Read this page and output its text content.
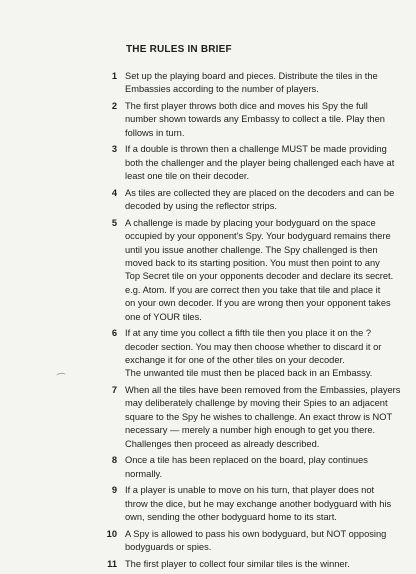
THE RULES IN BRIEF
1 Set up the playing board and pieces. Distribute the tiles in the
Embassies according to the number of players.
2 The first player throws both dice and moves his Spy the full
number shown towards any Embassy to collect a tile. Play then
follows in turn.
3 If a double is thrown then a challenge MUST be made providing
both the challenger and the player being challenged each have at
least one tile on their decoder.
4 As tiles are collected they are placed on the decoders and can be
decoded by using the reflector strips.
5 A challenge is made by placing your bodyguard on the space
occupied by your opponent's Spy. Your bodyguard remains there
until you issue another challenge. The Spy challenged is then
moved back to its starting position. You must then point to any
Top Secret tile on your opponents decoder and declare its secret.
e.g. Atom. If you are correct then you take that tile and place it
on your own decoder. If you are wrong then your opponent takes
one of YOUR tiles.
6 If at any time you collect a fifth tile then you place it on the ?
decoder section. You may then choose whether to discard it or
exchange it for one of the other tiles on your decoder.
The unwanted tile must then be placed back in an Embassy.
7 When all the tiles have been removed from the Embassies, players
may deliberately challenge by moving their Spies to an adjacent
square to the Spy he wishes to challenge. An exact throw is NOT
necessary — merely a number high enough to get you there.
Challenges then proceed as already described.
8 Once a tile has been replaced on the board, play continues
normally.
9 If a player is unable to move on his turn, that player does not
throw the dice, but he may exchange another bodyguard with his
own, sending the other bodyguard home to its start.
10 A Spy is allowed to pass his own bodyguard, but NOT opposing
bodyguards or spies.
11 The first player to collect four similar tiles is the winner.
